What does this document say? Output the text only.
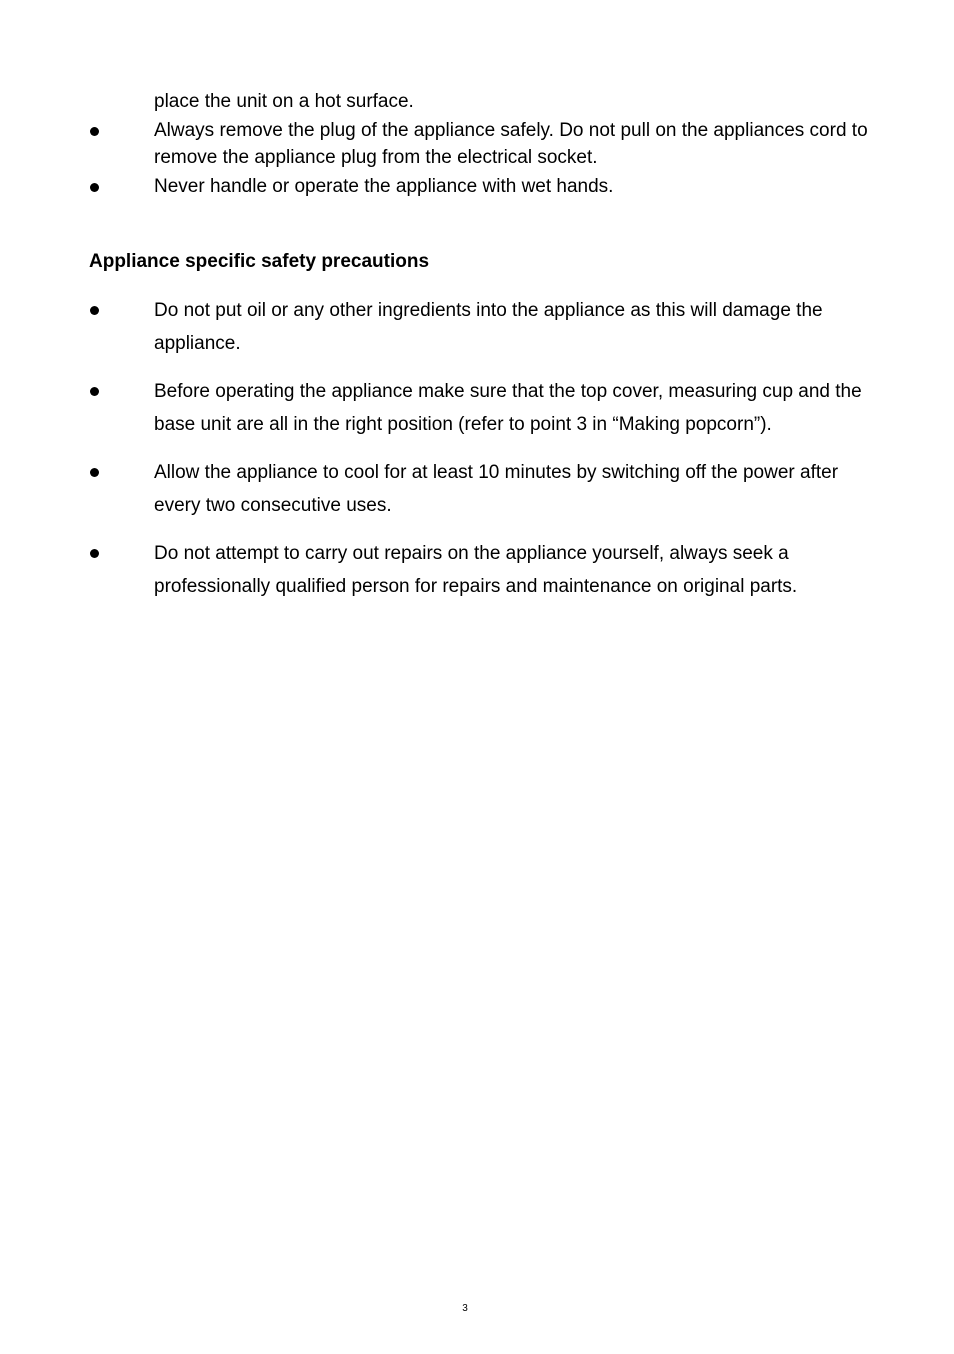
place the unit on a hot surface.
Always remove the plug of the appliance safely. Do not pull on the appliances cord to remove the appliance plug from the electrical socket.
Never handle or operate the appliance with wet hands.
Appliance specific safety precautions
Do not put oil or any other ingredients into the appliance as this will damage the appliance.
Before operating the appliance make sure that the top cover, measuring cup and the base unit are all in the right position (refer to point 3 in “Making popcorn”).
Allow the appliance to cool for at least 10 minutes by switching off the power after every two consecutive uses.
Do not attempt to carry out repairs on the appliance yourself, always seek a professionally qualified person for repairs and maintenance on original parts.
3
